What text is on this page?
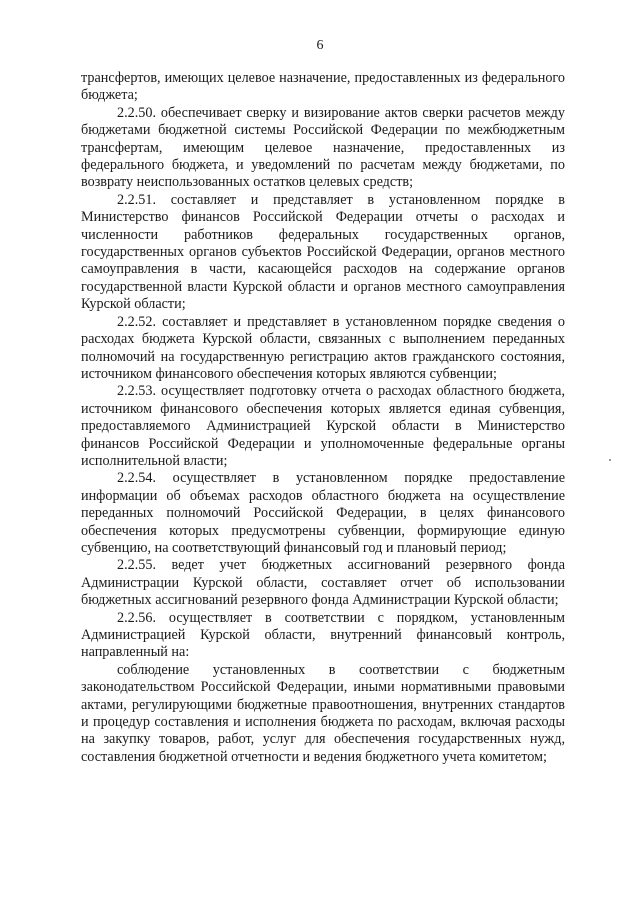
6

трансфертов, имеющих целевое назначение, предоставленных из федерального бюджета;

2.2.50. обеспечивает сверку и визирование актов сверки расчетов между бюджетами бюджетной системы Российской Федерации по межбюджетным трансфертам, имеющим целевое назначение, предоставленных из федерального бюджета, и уведомлений по расчетам между бюджетами, по возврату неиспользованных остатков целевых средств;

2.2.51. составляет и представляет в установленном порядке в Министерство финансов Российской Федерации отчеты о расходах и численности работников федеральных государственных органов, государственных органов субъектов Российской Федерации, органов местного самоуправления в части, касающейся расходов на содержание органов государственной власти Курской области и органов местного самоуправления Курской области;

2.2.52. составляет и представляет в установленном порядке сведения о расходах бюджета Курской области, связанных с выполнением переданных полномочий на государственную регистрацию актов гражданского состояния, источником финансового обеспечения которых являются субвенции;

2.2.53. осуществляет подготовку отчета о расходах областного бюджета, источником финансового обеспечения которых является единая субвенция, предоставляемого Администрацией Курской области в Министерство финансов Российской Федерации и уполномоченные федеральные органы исполнительной власти;

2.2.54. осуществляет в установленном порядке предоставление информации об объемах расходов областного бюджета на осуществление переданных полномочий Российской Федерации, в целях финансового обеспечения которых предусмотрены субвенции, формирующие единую субвенцию, на соответствующий финансовый год и плановый период;

2.2.55. ведет учет бюджетных ассигнований резервного фонда Администрации Курской области, составляет отчет об использовании бюджетных ассигнований резервного фонда Администрации Курской области;

2.2.56. осуществляет в соответствии с порядком, установленным Администрацией Курской области, внутренний финансовый контроль, направленный на:

соблюдение установленных в соответствии с бюджетным законодательством Российской Федерации, иными нормативными правовыми актами, регулирующими бюджетные правоотношения, внутренних стандартов и процедур составления и исполнения бюджета по расходам, включая расходы на закупку товаров, работ, услуг для обеспечения государственных нужд, составления бюджетной отчетности и ведения бюджетного учета комитетом;
